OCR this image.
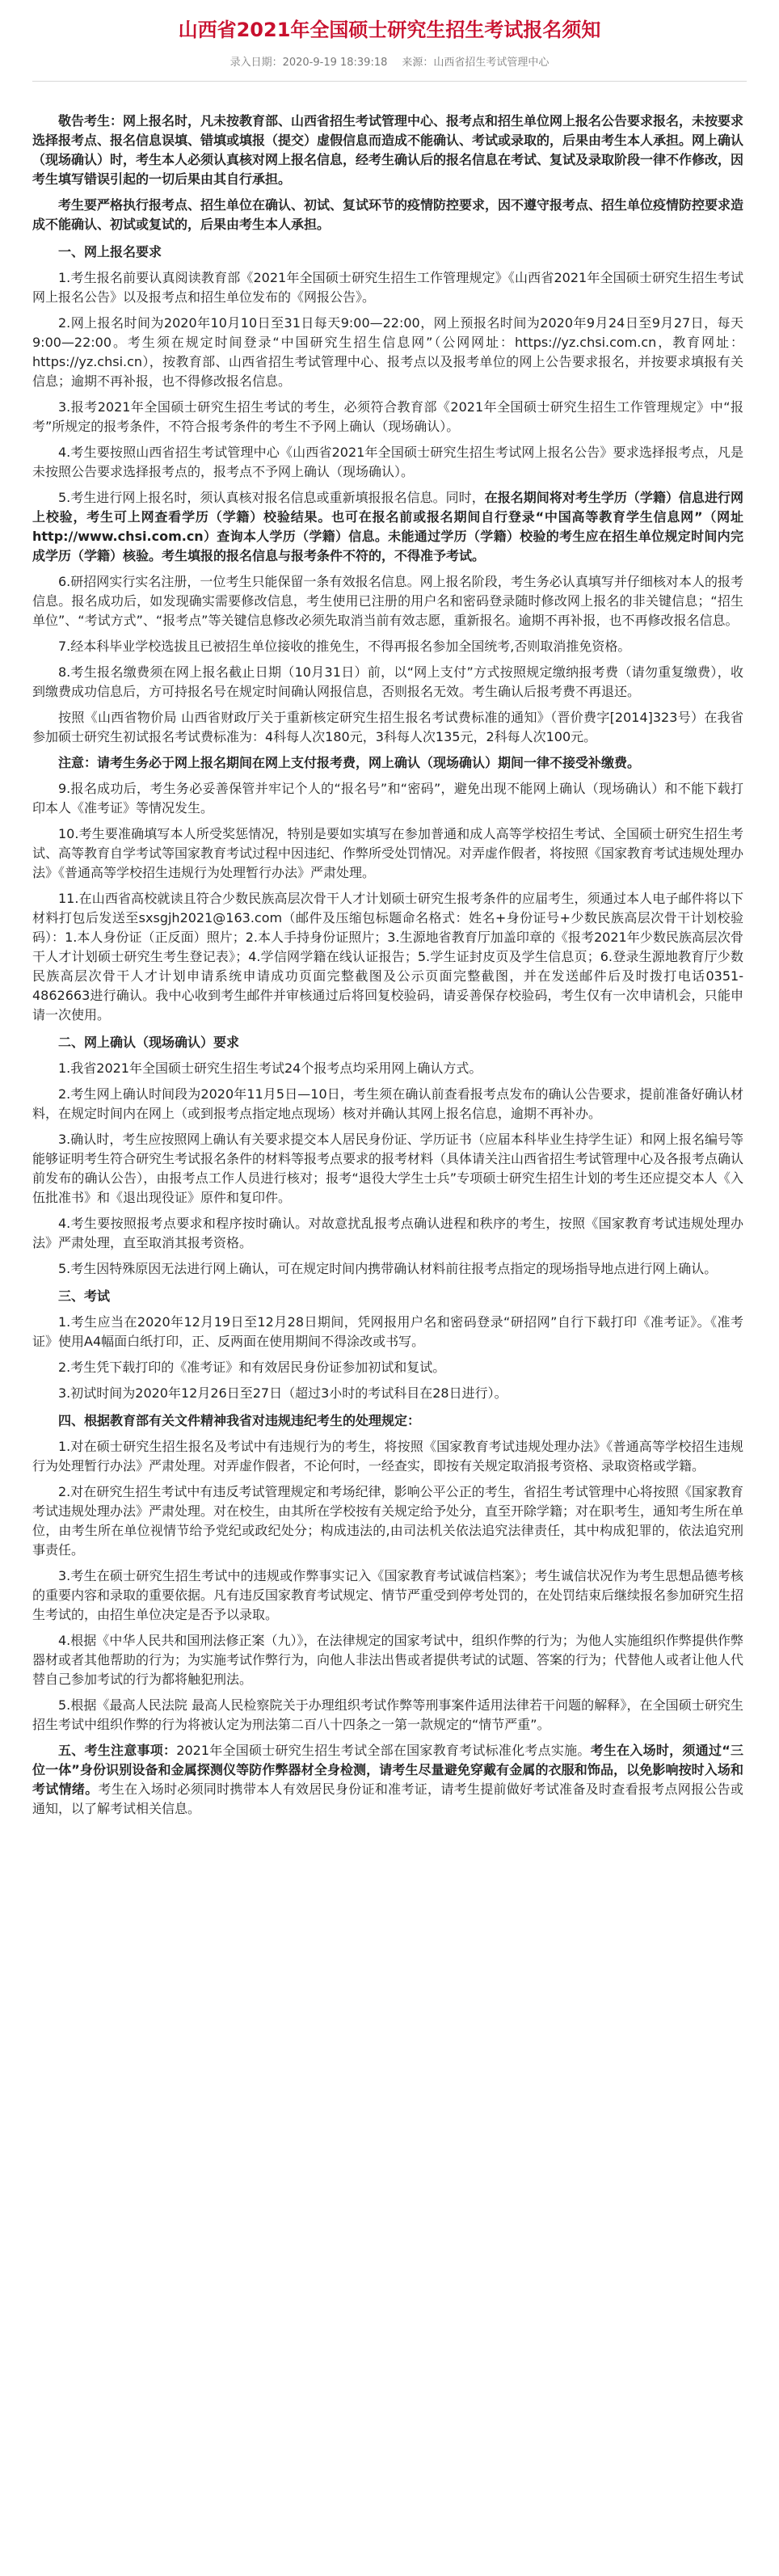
山西省2021年全国硕士研究生招生考试报名须知
录入日期：2020-9-19 18:39:18 来源：山西省招生考试管理中心

敬告考生：网上报名时，凡未按教育部、山西省招生考试管理中心、报考点和招生单位网上报名公告要求报名，未按要求选择报考点、报名信息误填、错填或填报（提交）虚假信息而造成不能确认、考试或录取的，后果由考生本人承担。网上确认（现场确认）时，考生本人必须认真核对网上报名信息，经考生确认后的报名信息在考试、复试及录取阶段一律不作修改，因考生填写错误引起的一切后果由其自行承担。

考生要严格执行报考点、招生单位在确认、初试、复试环节的疫情防控要求，因不遵守报考点、招生单位疫情防控要求造成不能确认、初试或复试的，后果由考生本人承担。

一、网上报名要求

1.考生报名前要认真阅读教育部《2021年全国硕士研究生招生工作管理规定》《山西省2021年全国硕士研究生招生考试网上报名公告》以及报考点和招生单位发布的《网报公告》。

2.网上报名时间为2020年10月10日至31日每天9:00—22:00，网上预报名时间为2020年9月24日至9月27日，每天9:00—22:00。考生须在规定时间登录“中国研究生招生信息网”（公网网址：https://yz.chsi.com.cn，教育网址：https://yz.chsi.cn），按教育部、山西省招生考试管理中心、报考点以及报考单位的网上公告要求报名，并按要求填报有关信息；逾期不再补报，也不得修改报名信息。

3.报考2021年全国硕士研究生招生考试的考生，必须符合教育部《2021年全国硕士研究生招生工作管理规定》中“报考”所规定的报考条件，不符合报考条件的考生不予网上确认（现场确认）。

4.考生要按照山西省招生考试管理中心《山西省2021年全国硕士研究生招生考试网上报名公告》要求选择报考点，凡是未按照公告要求选择报考点的，报考点不予网上确认（现场确认）。

5.考生进行网上报名时，须认真核对报名信息或重新填报报名信息。同时，在报名期间将对考生学历（学籍）信息进行网上校验，考生可上网查看学历（学籍）校验结果。也可在报名前或报名期间自行登录“中国高等教育学生信息网”（网址http://www.chsi.com.cn）查询本人学历（学籍）信息。未能通过学历（学籍）校验的考生应在招生单位规定时间内完成学历（学籍）核验。考生填报的报名信息与报考条件不符的，不得准予考试。

6.研招网实行实名注册，一位考生只能保留一条有效报名信息。网上报名阶段，考生务必认真填写并仔细核对本人的报考信息。报名成功后，如发现确实需要修改信息，考生使用已注册的用户名和密码登录随时修改网上报名的非关键信息；“招生单位”、“考试方式”、“报考点”等关键信息修改必须先取消当前有效志愿，重新报名。逾期不再补报，也不再修改报名信息。

7.经本科毕业学校选拔且已被招生单位接收的推免生，不得再报名参加全国统考,否则取消推免资格。

8.考生报名缴费须在网上报名截止日期（10月31日）前，以“网上支付”方式按照规定缴纳报考费（请勿重复缴费），收到缴费成功信息后，方可持报名号在规定时间确认网报信息，否则报名无效。考生确认后报考费不再退还。

按照《山西省物价局 山西省财政厅关于重新核定研究生招生报名考试费标准的通知》（晋价费字[2014]323号）在我省参加硕士研究生初试报名考试费标准为：4科每人次180元，3科每人次135元，2科每人次100元。

注意：请考生务必于网上报名期间在网上支付报考费，网上确认（现场确认）期间一律不接受补缴费。

9.报名成功后，考生务必妥善保管并牢记个人的“报名号”和“密码”，避免出现不能网上确认（现场确认）和不能下载打印本人《准考证》等情况发生。

10.考生要准确填写本人所受奖惩情况，特别是要如实填写在参加普通和成人高等学校招生考试、全国硕士研究生招生考试、高等教育自学考试等国家教育考试过程中因违纪、作弊所受处罚情况。对弄虚作假者，将按照《国家教育考试违规处理办法》《普通高等学校招生违规行为处理暂行办法》严肃处理。

11.在山西省高校就读且符合少数民族高层次骨干人才计划硕士研究生报考条件的应届考生，须通过本人电子邮件将以下材料打包后发送至sxsgjh2021@163.com（邮件及压缩包标题命名格式：姓名+身份证号+少数民族高层次骨干计划校验码）：1.本人身份证（正反面）照片；2.本人手持身份证照片；3.生源地省教育厅加盖印章的《报考2021年少数民族高层次骨干人才计划硕士研究生考生登记表》；4.学信网学籍在线认证报告；5.学生证封皮页及学生信息页；6.登录生源地教育厅少数民族高层次骨干人才计划申请系统申请成功页面完整截图及公示页面完整截图，并在发送邮件后及时拨打电话0351-4862663进行确认。我中心收到考生邮件并审核通过后将回复校验码，请妥善保存校验码，考生仅有一次申请机会，只能申请一次使用。

二、网上确认（现场确认）要求

1.我省2021年全国硕士研究生招生考试24个报考点均采用网上确认方式。

2.考生网上确认时间段为2020年11月5日—10日，考生须在确认前查看报考点发布的确认公告要求，提前准备好确认材料，在规定时间内在网上（或到报考点指定地点现场）核对并确认其网上报名信息，逾期不再补办。

3.确认时，考生应按照网上确认有关要求提交本人居民身份证、学历证书（应届本科毕业生持学生证）和网上报名编号等能够证明考生符合研究生考试报名条件的材料等报考点要求的报考材料（具体请关注山西省招生考试管理中心及各报考点确认前发布的确认公告），由报考点工作人员进行核对；报考“退役大学生士兵”专项硕士研究生招生计划的考生还应提交本人《入伍批准书》和《退出现役证》原件和复印件。

4.考生要按照报考点要求和程序按时确认。对故意扰乱报考点确认进程和秩序的考生，按照《国家教育考试违规处理办法》严肃处理，直至取消其报考资格。

5.考生因特殊原因无法进行网上确认，可在规定时间内携带确认材料前往报考点指定的现场指导地点进行网上确认。

三、考试

1.考生应当在2020年12月19日至12月28日期间，凭网报用户名和密码登录“研招网”自行下载打印《准考证》。《准考证》使用A4幅面白纸打印，正、反两面在使用期间不得涂改或书写。

2.考生凭下载打印的《准考证》和有效居民身份证参加初试和复试。

3.初试时间为2020年12月26日至27日（超过3小时的考试科目在28日进行）。

四、根据教育部有关文件精神我省对违规违纪考生的处理规定：

1.对在硕士研究生招生报名及考试中有违规行为的考生，将按照《国家教育考试违规处理办法》《普通高等学校招生违规行为处理暂行办法》严肃处理。对弄虚作假者，不论何时，一经查实，即按有关规定取消报考资格、录取资格或学籍。

2.对在研究生招生考试中有违反考试管理规定和考场纪律，影响公平公正的考生，省招生考试管理中心将按照《国家教育考试违规处理办法》严肃处理。对在校生，由其所在学校按有关规定给予处分，直至开除学籍；对在职考生，通知考生所在单位，由考生所在单位视情节给予党纪或政纪处分；构成违法的,由司法机关依法追究法律责任，其中构成犯罪的，依法追究刑事责任。

3.考生在硕士研究生招生考试中的违规或作弊事实记入《国家教育考试诚信档案》；考生诚信状况作为考生思想品德考核的重要内容和录取的重要依据。凡有违反国家教育考试规定、情节严重受到停考处罚的，在处罚结束后继续报名参加研究生招生考试的，由招生单位决定是否予以录取。

4.根据《中华人民共和国刑法修正案（九）》，在法律规定的国家考试中，组织作弊的行为；为他人实施组织作弊提供作弊器材或者其他帮助的行为；为实施考试作弊行为，向他人非法出售或者提供考试的试题、答案的行为；代替他人或者让他人代替自己参加考试的行为都将触犯刑法。

5.根据《最高人民法院 最高人民检察院关于办理组织考试作弊等刑事案件适用法律若干问题的解释》，在全国硕士研究生招生考试中组织作弊的行为将被认定为刑法第二百八十四条之一第一款规定的“情节严重”。

五、考生注意事项：2021年全国硕士研究生招生考试全部在国家教育考试标准化考点实施。考生在入场时，须通过“三位一体”身份识别设备和金属探测仪等防作弊器材全身检测，请考生尽量避免穿戴有金属的衣服和饰品，以免影响按时入场和考试情绪。考生在入场时必须同时携带本人有效居民身份证和准考证，请考生提前做好考试准备及时查看报考点网报公告或通知，以了解考试相关信息。
